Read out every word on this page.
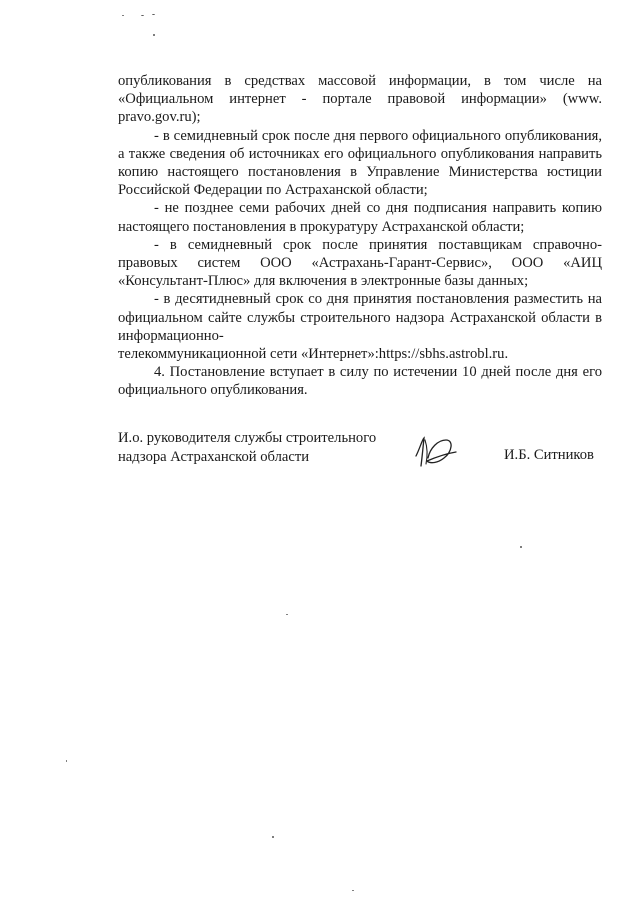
опубликования в средствах массовой информации, в том числе на «Официальном интернет - портале правовой информации» (www. pravo.gov.ru);

- в семидневный срок после дня первого официального опубликования, а также сведения об источниках его официального опубликования направить копию настоящего постановления в Управление Министерства юстиции Российской Федерации по Астраханской области;

- не позднее семи рабочих дней со дня подписания направить копию настоящего постановления в прокуратуру Астраханской области;

- в семидневный срок после принятия поставщикам справочно-правовых систем ООО «Астрахань-Гарант-Сервис», ООО «АИЦ «Консультант-Плюс» для включения в электронные базы данных;

- в десятидневный срок со дня принятия постановления разместить на официальном сайте службы строительного надзора Астраханской области в информационно-

телекоммуникационной сети «Интернет»:https://sbhs.astrobl.ru.

4. Постановление вступает в силу по истечении 10 дней после дня его официального опубликования.

И.о. руководителя службы строительного
надзора Астраханской области	И.Б. Ситников
